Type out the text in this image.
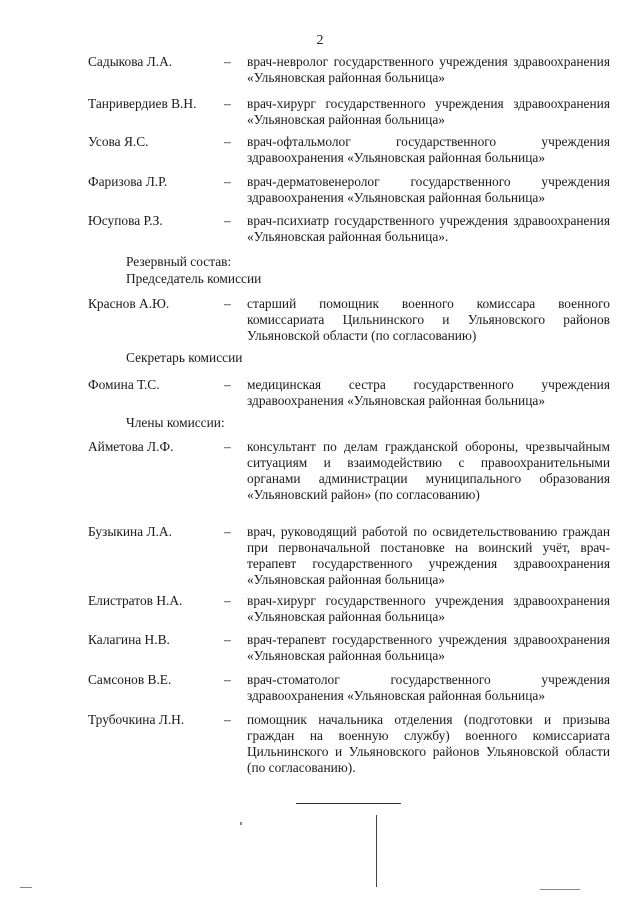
2
Садыкова Л.А.	– врач-невролог государственного учреждения здравоохранения «Ульяновская районная больница»
Танривердиев В.Н. – врач-хирург государственного учреждения здравоохранения «Ульяновская районная больница»
Усова Я.С.	– врач-офтальмолог государственного учреждения здравоохранения «Ульяновская районная больница»
Фаризова Л.Р.	– врач-дерматовенеролог государственного учреждения здравоохранения «Ульяновская районная больница»
Юсупова Р.З.	– врач-психиатр государственного учреждения здравоохранения «Ульяновская районная больница».
Резервный состав:
Председатель комиссии
Краснов А.Ю.	– старший помощник военного комиссара военного комиссариата Цильнинского и Ульяновского районов Ульяновской области (по согласованию)
Секретарь комиссии
Фомина Т.С.	– медицинская сестра государственного учреждения здравоохранения «Ульяновская районная больница»
Члены комиссии:
Айметова Л.Ф.	– консультант по делам гражданской обороны, чрезвычайным ситуациям и взаимодействию с правоохранительными органами администрации муниципального образования «Ульяновский район» (по согласованию)
Бузыкина Л.А.	– врач, руководящий работой по освидетельствованию граждан при первоначальной постановке на воинский учёт, врач-терапевт государственного учреждения здравоохранения «Ульяновская районная больница»
Елистратов Н.А.	– врач-хирург государственного учреждения здравоохранения «Ульяновская районная больница»
Калагина Н.В.	– врач-терапевт государственного учреждения здравоохранения «Ульяновская районная больница»
Самсонов В.Е.	– врач-стоматолог государственного учреждения здравоохранения «Ульяновская районная больница»
Трубочкина Л.Н.	– помощник начальника отделения (подготовки и призыва граждан на военную службу) военного комиссариата Цильнинского и Ульяновского районов Ульяновской области (по согласованию).
